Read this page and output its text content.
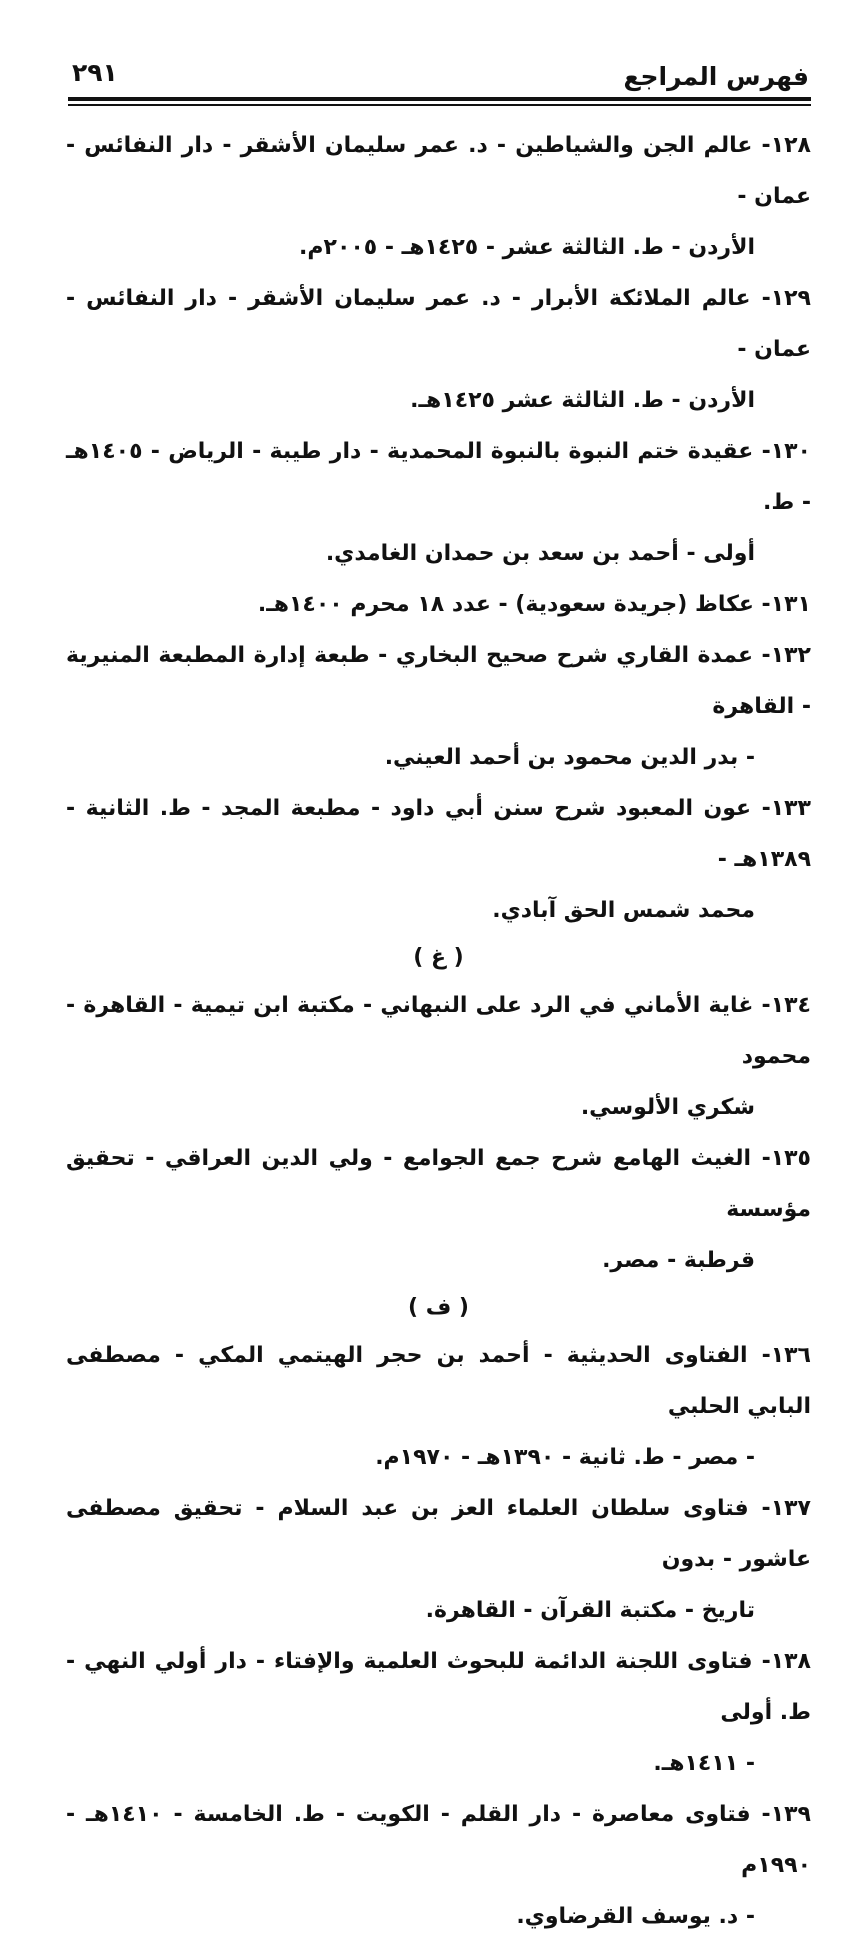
فهرس المراجع
٢٩١

١٢٨- عالم الجن والشياطين - د. عمر سليمان الأشقر - دار النفائس - عمان -
الأردن - ط. الثالثة عشر - ١٤٢٥هـ - ٢٠٠٥م.

١٢٩- عالم الملائكة الأبرار - د. عمر سليمان الأشقر - دار النفائس - عمان -
الأردن - ط. الثالثة عشر ١٤٢٥هـ.

١٣٠- عقيدة ختم النبوة بالنبوة المحمدية - دار طيبة - الرياض - ١٤٠٥هـ - ط.
أولى - أحمد بن سعد بن حمدان الغامدي.

١٣١- عكاظ (جريدة سعودية) - عدد ١٨ محرم ١٤٠٠هـ.

١٣٢- عمدة القاري شرح صحيح البخاري - طبعة إدارة المطبعة المنيرية - القاهرة
- بدر الدين محمود بن أحمد العيني.

١٣٣- عون المعبود شرح سنن أبي داود - مطبعة المجد - ط. الثانية - ١٣٨٩هـ -
محمد شمس الحق آبادي.

( غ )

١٣٤- غاية الأماني في الرد على النبهاني - مكتبة ابن تيمية - القاهرة - محمود
شكري الألوسي.

١٣٥- الغيث الهامع شرح جمع الجوامع - ولي الدين العراقي - تحقيق مؤسسة
قرطبة - مصر.

( ف )

١٣٦- الفتاوى الحديثية - أحمد بن حجر الهيتمي المكي - مصطفى البابي الحلبي
- مصر - ط. ثانية - ١٣٩٠هـ - ١٩٧٠م.

١٣٧- فتاوى سلطان العلماء العز بن عبد السلام - تحقيق مصطفى عاشور - بدون
تاريخ - مكتبة القرآن - القاهرة.

١٣٨- فتاوى اللجنة الدائمة للبحوث العلمية والإفتاء - دار أولي النهي - ط. أولى
- ١٤١١هـ.

١٣٩- فتاوى معاصرة - دار القلم - الكويت - ط. الخامسة - ١٤١٠هـ - ١٩٩٠م
- د. يوسف القرضاوي.
